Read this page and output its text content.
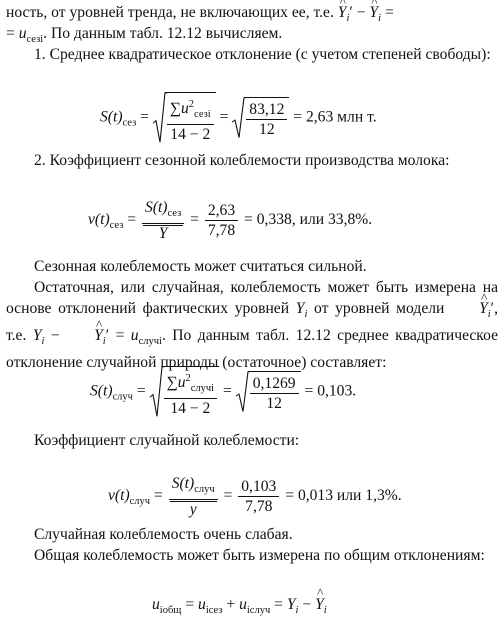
ность, от уровней тренда, не включающих ее, т.е. ^ $Y_i'$ − ^ $Y_i$ =

= $u_{сезi}$. По данным табл. 12.12 вычисляем.

1. Среднее квадратическое отклонение (с учетом степеней свободы):

$S(t)_{сез} = \frac{\sum u^2_{сезi}}{14 - 2} = \frac{83,12}{12} = 2,63$ млн т.

2. Коэффициент сезонной колеблемости производства молока:

$v(t)_{сез} = \frac{S(t)_{сез}}{Y} = \frac{2,63}{7,78} = 0,338$, или 33,8%.

Сезонная колеблемость может считаться сильной.

Остаточная, или случайная, колеблемость может быть измерена на основе отклонений фактических уровней $Y_i$ от уровней модели ^ $Y_i'$, т.е. $Y_i$ − ^ $Y_i' = u_{случi}$. По данным табл. 12.12 среднее квадратическое отклонение случайной природы (остаточное) составляет:

$S(t)_{случ} = \frac{\sum u^2_{случi}}{14 - 2} = \frac{0,1269}{12} = 0,103$.

Коэффициент случайной колеблемости:

$v(t)_{случ} = \frac{S(t)_{случ}}{y} = \frac{0,103}{7,78} = 0,013$ или 1,3%.

Случайная колеблемость очень слабая.

Общая колеблемость может быть измерена по общим отклонениям:

$u_{iобщ} = u_{iсез} + u_{iслуч} = Y_i$ − ^ $Y_i$
